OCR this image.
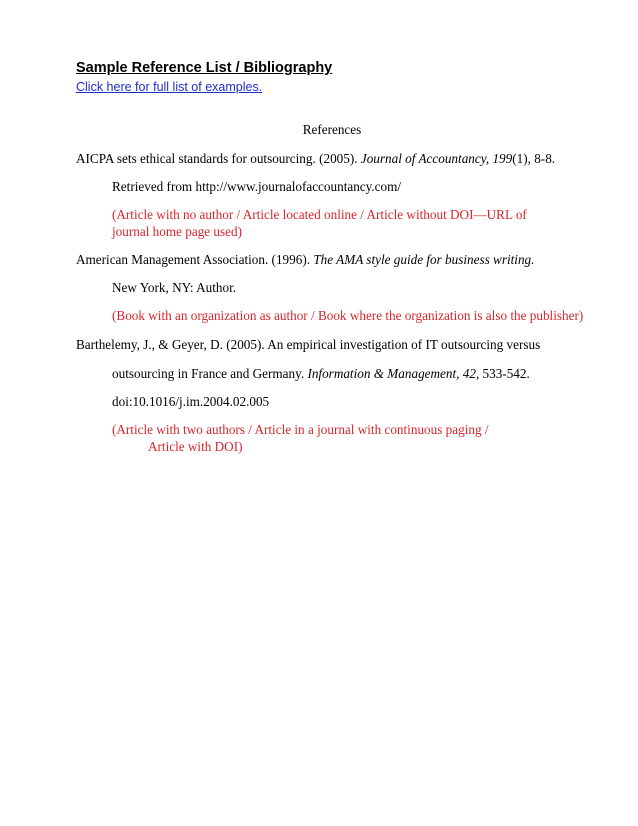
Sample Reference List / Bibliography
Click here for full list of examples.
References
AICPA sets ethical standards for outsourcing. (2005). Journal of Accountancy, 199(1), 8-8.
Retrieved from http://www.journalofaccountancy.com/
(Article with no author / Article located online / Article without DOI—URL of journal home page used)
American Management Association. (1996). The AMA style guide for business writing.
New York, NY: Author.
(Book with an organization as author / Book where the organization is also the publisher)
Barthelemy, J., & Geyer, D. (2005). An empirical investigation of IT outsourcing versus
outsourcing in France and Germany. Information & Management, 42, 533-542.
doi:10.1016/j.im.2004.02.005
(Article with two authors / Article in a journal with continuous paging /
Article with DOI)
